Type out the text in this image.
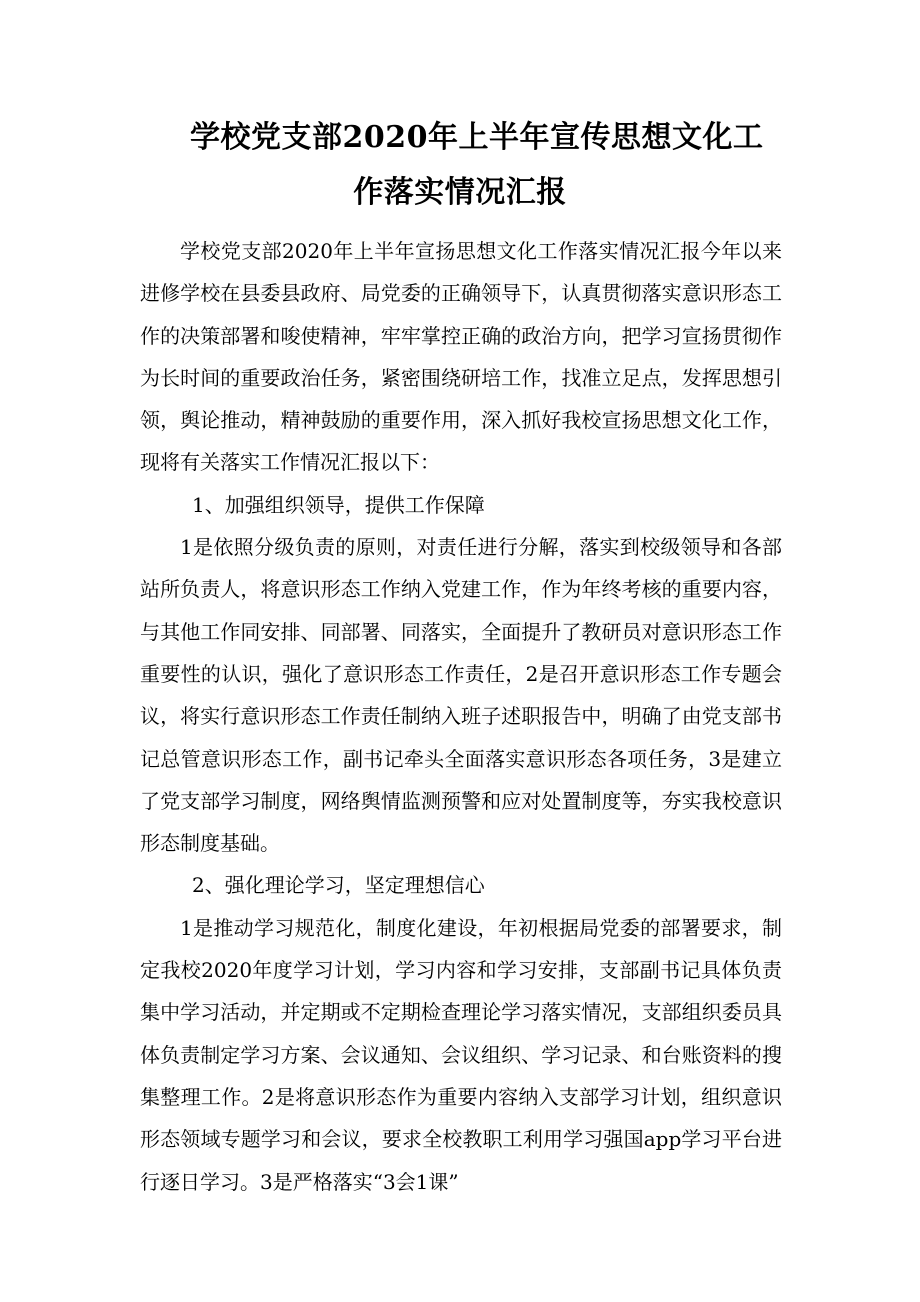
学校党支部2020年上半年宣传思想文化工
作落实情况汇报

学校党支部2020年上半年宣扬思想文化工作落实情况汇报今年以来进修学校在县委县政府、局党委的正确领导下，认真贯彻落实意识形态工作的决策部署和唆使精神，牢牢掌控正确的政治方向，把学习宣扬贯彻作为长时间的重要政治任务，紧密围绕研培工作，找准立足点，发挥思想引领，舆论推动，精神鼓励的重要作用，深入抓好我校宣扬思想文化工作，现将有关落实工作情况汇报以下：

1、加强组织领导，提供工作保障

1是依照分级负责的原则，对责任进行分解，落实到校级领导和各部站所负责人，将意识形态工作纳入党建工作，作为年终考核的重要内容，与其他工作同安排、同部署、同落实，全面提升了教研员对意识形态工作重要性的认识，强化了意识形态工作责任，2是召开意识形态工作专题会议，将实行意识形态工作责任制纳入班子述职报告中，明确了由党支部书记总管意识形态工作，副书记牵头全面落实意识形态各项任务，3是建立了党支部学习制度，网络舆情监测预警和应对处置制度等，夯实我校意识形态制度基础。

2、强化理论学习，坚定理想信心

1是推动学习规范化，制度化建设，年初根据局党委的部署要求，制定我校2020年度学习计划，学习内容和学习安排，支部副书记具体负责集中学习活动，并定期或不定期检查理论学习落实情况，支部组织委员具体负责制定学习方案、会议通知、会议组织、学习记录、和台账资料的搜集整理工作。2是将意识形态作为重要内容纳入支部学习计划，组织意识形态领域专题学习和会议，要求全校教职工利用学习强国app学习平台进行逐日学习。3是严格落实“3会1课”
